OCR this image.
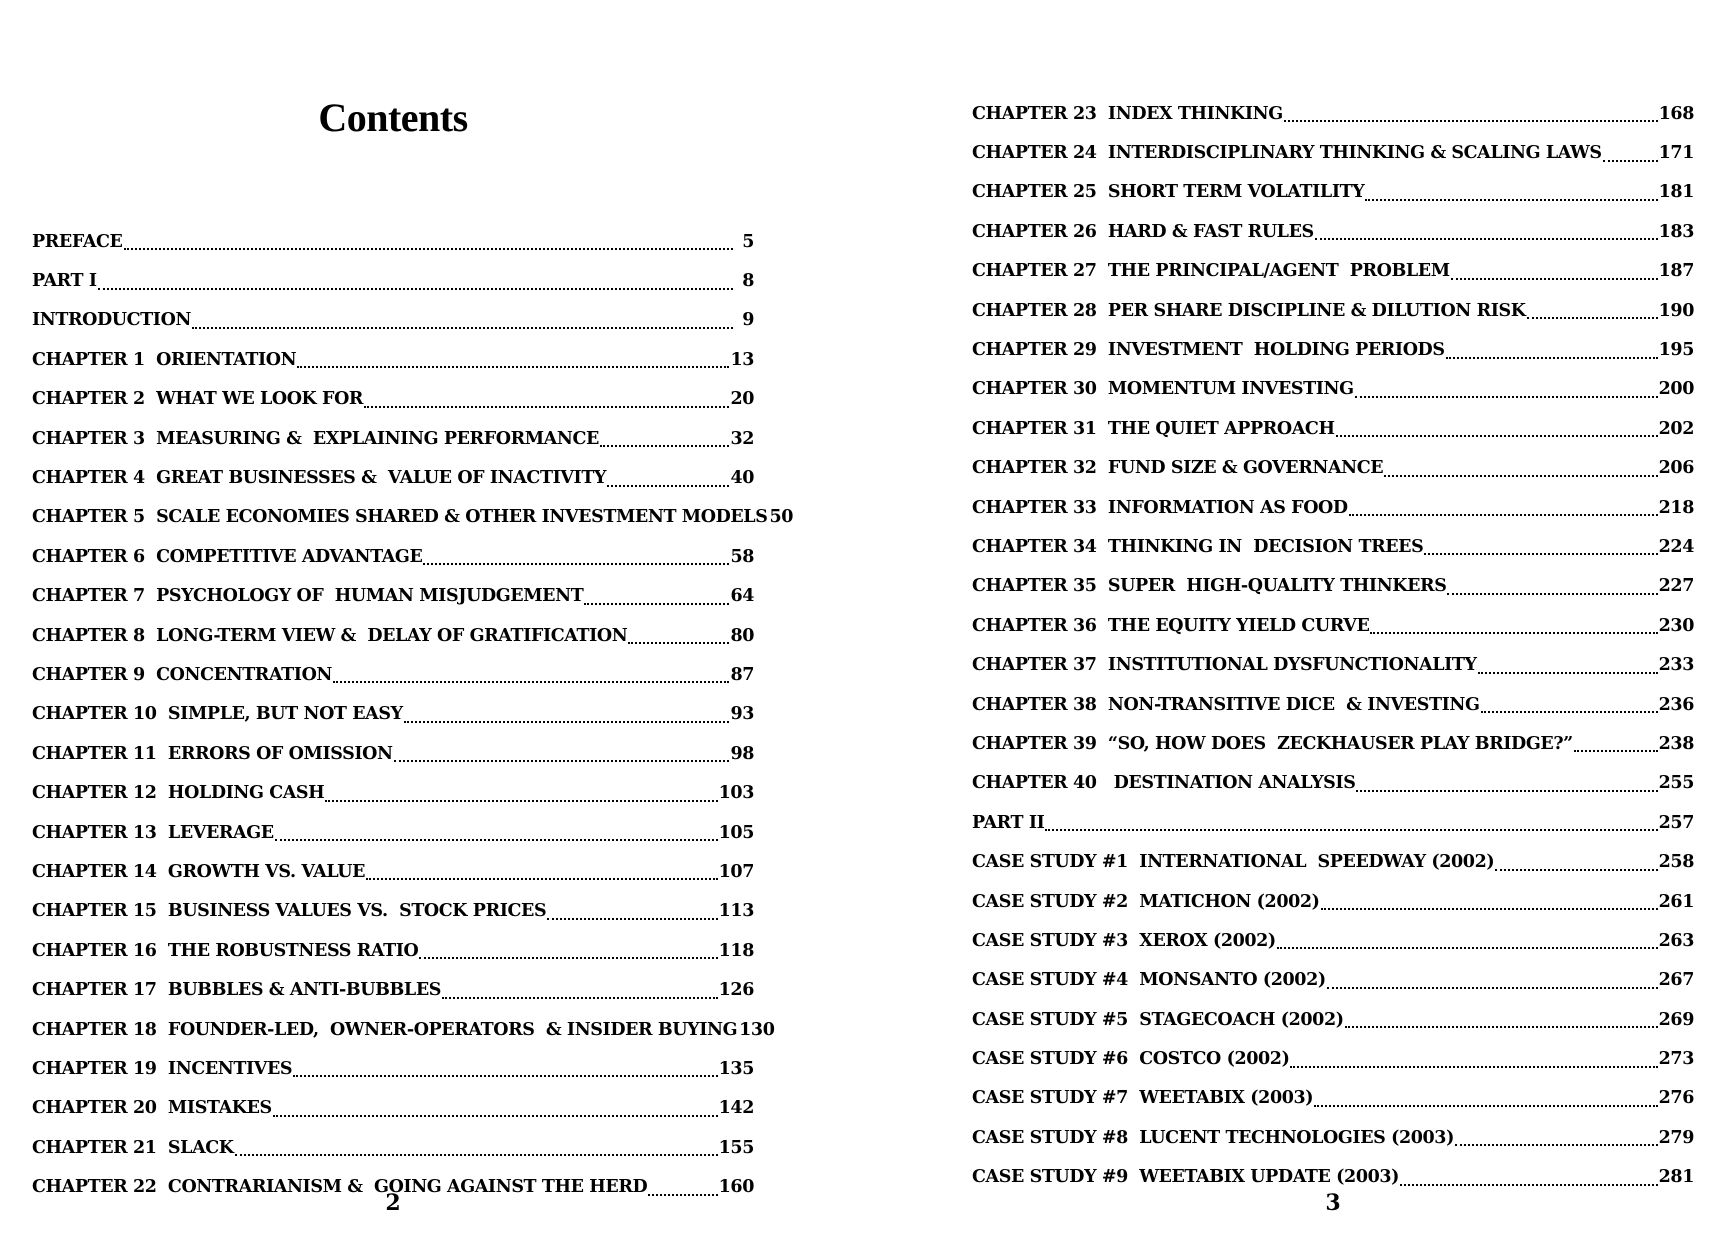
Contents
PREFACE	5
PART I	8
INTRODUCTION	9
CHAPTER 1  ORIENTATION	13
CHAPTER 2  WHAT WE LOOK FOR	20
CHAPTER 3  MEASURING &  EXPLAINING PERFORMANCE	32
CHAPTER 4  GREAT BUSINESSES &  VALUE OF INACTIVITY	40
CHAPTER 5  SCALE ECONOMIES SHARED & OTHER INVESTMENT MODELS 50
CHAPTER 6  COMPETITIVE ADVANTAGE	58
CHAPTER 7  PSYCHOLOGY OF  HUMAN MISJUDGEMENT	64
CHAPTER 8  LONG-TERM VIEW &  DELAY OF GRATIFICATION	80
CHAPTER 9  CONCENTRATION	87
CHAPTER 10  SIMPLE, BUT NOT EASY	93
CHAPTER 11  ERRORS OF OMISSION	98
CHAPTER 12  HOLDING CASH	103
CHAPTER 13  LEVERAGE	105
CHAPTER 14  GROWTH VS. VALUE	107
CHAPTER 15  BUSINESS VALUES VS.  STOCK PRICES	113
CHAPTER 16  THE ROBUSTNESS RATIO	118
CHAPTER 17  BUBBLES & ANTI-BUBBLES	126
CHAPTER 18  FOUNDER-LED,  OWNER-OPERATORS  & INSIDER BUYING 130
CHAPTER 19  INCENTIVES	135
CHAPTER 20  MISTAKES	142
CHAPTER 21  SLACK	155
CHAPTER 22  CONTRARIANISM &  GOING AGAINST THE HERD	160
2
CHAPTER 23  INDEX THINKING	168
CHAPTER 24  INTERDISCIPLINARY THINKING & SCALING LAWS	171
CHAPTER 25  SHORT TERM VOLATILITY	181
CHAPTER 26  HARD & FAST RULES	183
CHAPTER 27  THE PRINCIPAL/AGENT  PROBLEM	187
CHAPTER 28  PER SHARE DISCIPLINE & DILUTION RISK	190
CHAPTER 29  INVESTMENT  HOLDING PERIODS	195
CHAPTER 30  MOMENTUM INVESTING	200
CHAPTER 31  THE QUIET APPROACH	202
CHAPTER 32  FUND SIZE & GOVERNANCE	206
CHAPTER 33  INFORMATION AS FOOD	218
CHAPTER 34  THINKING IN  DECISION TREES	224
CHAPTER 35  SUPER  HIGH-QUALITY THINKERS	227
CHAPTER 36  THE EQUITY YIELD CURVE	230
CHAPTER 37  INSTITUTIONAL DYSFUNCTIONALITY	233
CHAPTER 38  NON-TRANSITIVE DICE  & INVESTING	236
CHAPTER 39  “SO, HOW DOES  ZECKHAUSER PLAY BRIDGE?”	238
CHAPTER 40   DESTINATION ANALYSIS	255
PART II	257
CASE STUDY #1  INTERNATIONAL  SPEEDWAY (2002)	258
CASE STUDY #2  MATICHON (2002)	261
CASE STUDY #3  XEROX (2002)	263
CASE STUDY #4  MONSANTO (2002)	267
CASE STUDY #5  STAGECOACH (2002)	269
CASE STUDY #6  COSTCO (2002)	273
CASE STUDY #7  WEETABIX (2003)	276
CASE STUDY #8  LUCENT TECHNOLOGIES (2003)	279
CASE STUDY #9  WEETABIX UPDATE (2003)	281
3
